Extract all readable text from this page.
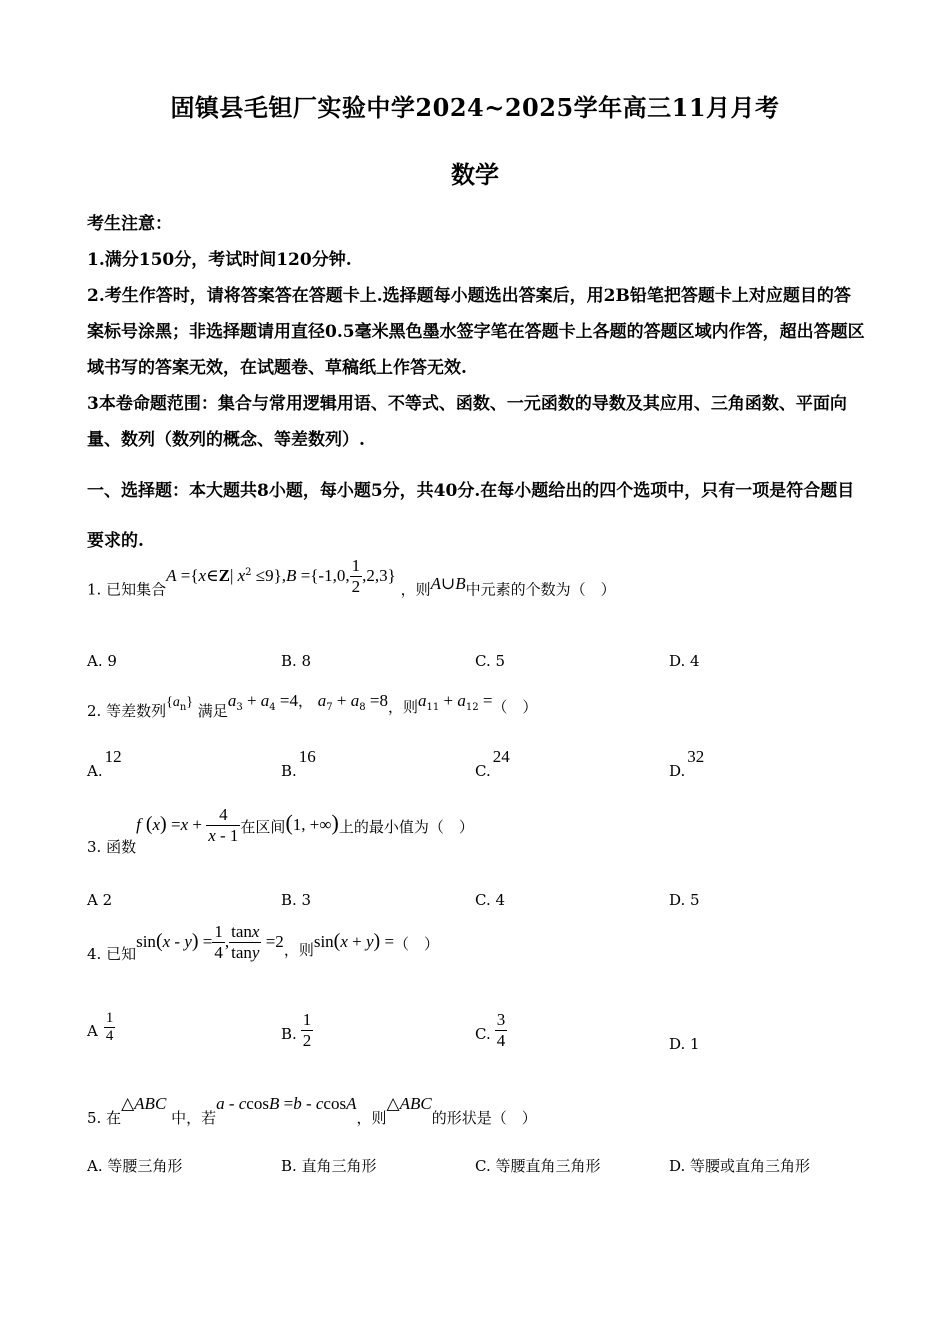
固镇县毛钽厂实验中学2024~2025学年高三11月月考
数学

考生注意：

1.满分150分，考试时间120分钟.

2.考生作答时，请将答案答在答题卡上.选择题每小题选出答案后，用2B铅笔把答题卡上对应题目的答案标号涂黑；非选择题请用直径0.5毫米黑色墨水签字笔在答题卡上各题的答题区域内作答，超出答题区域书写的答案无效，在试题卷、草稿纸上作答无效.

3本卷命题范围：集合与常用逻辑用语、不等式、函数、一元函数的导数及其应用、三角函数、平面向量、数列（数列的概念、等差数列）.

一、选择题：本大题共8小题，每小题5分，共40分.在每小题给出的四个选项中，只有一项是符合题目要求的.
1. 已知集合A ={x∈Z| $x^2 \le 9\},B =\{-1,0$, $\frac{1}{2} ,2,3$} ，则A∪B中元素的个数为（　）
A. 9	B. 8	C. 5	D. 4
2. 等差数列$\{a_n\}$ 满足$a_3 + a_4 =4$， $a_7 + a_8 =8$，则$a_{11} + a_{12}$ =（　）
A.12
B.16
C.24
D.32
3. 函数f $(x) =x + \frac{4}{x - 1}$ 在区间(1, +∞)上的最小值为（　）
A 2	B. 3	C. 4	D. 5
4. 已知$\sin(x - y) = \frac{1}{4}$ , $\frac{\tan x}{\tan y} =2$，则sin(x + y) =（　）
A $\frac{1}{4}$	B. $\frac{1}{2}$	C. $\frac{3}{4}$	D. 1
5. 在△ABC 中，若a - ccosB =b - ccosA，则△ABC的形状是（　）
A. 等腰三角形	B. 直角三角形	C. 等腰直角三角形	D. 等腰或直角三角形
